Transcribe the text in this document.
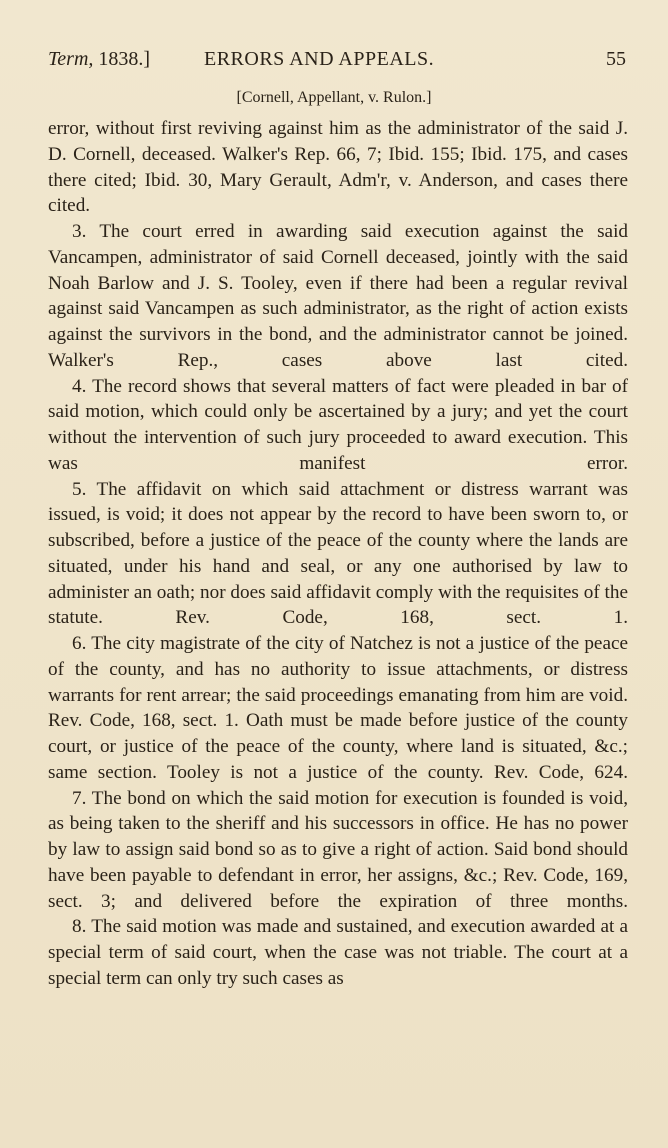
Term, 1838.]	ERRORS AND APPEALS.	55
[Cornell, Appellant, v. Rulon.]

error, without first reviving against him as the administrator of the said J. D. Cornell, deceased. Walker's Rep. 66, 7; Ibid. 155; Ibid. 175, and cases there cited; Ibid. 30, Mary Gerault, Adm'r, v. Anderson, and cases there cited.

3. The court erred in awarding said execution against the said Vancampen, administrator of said Cornell deceased, jointly with the said Noah Barlow and J. S. Tooley, even if there had been a regular revival against said Vancampen as such administrator, as the right of action exists against the survivors in the bond, and the administrator cannot be joined. Walker's Rep., cases above last cited.

4. The record shows that several matters of fact were pleaded in bar of said motion, which could only be ascertained by a jury; and yet the court without the intervention of such jury proceeded to award execution. This was manifest error.

5. The affidavit on which said attachment or distress warrant was issued, is void; it does not appear by the record to have been sworn to, or subscribed, before a justice of the peace of the county where the lands are situated, under his hand and seal, or any one authorised by law to administer an oath; nor does said affidavit comply with the requisites of the statute. Rev. Code, 168, sect. 1.

6. The city magistrate of the city of Natchez is not a justice of the peace of the county, and has no authority to issue attachments, or distress warrants for rent arrear; the said proceedings emanating from him are void. Rev. Code, 168, sect. 1. Oath must be made before justice of the county court, or justice of the peace of the county, where land is situated, &c.; same section. Tooley is not a justice of the county. Rev. Code, 624.

7. The bond on which the said motion for execution is founded is void, as being taken to the sheriff and his successors in office. He has no power by law to assign said bond so as to give a right of action. Said bond should have been payable to defendant in error, her assigns, &c.; Rev. Code, 169, sect. 3; and delivered before the expiration of three months.

8. The said motion was made and sustained, and execution awarded at a special term of said court, when the case was not triable. The court at a special term can only try such cases as
